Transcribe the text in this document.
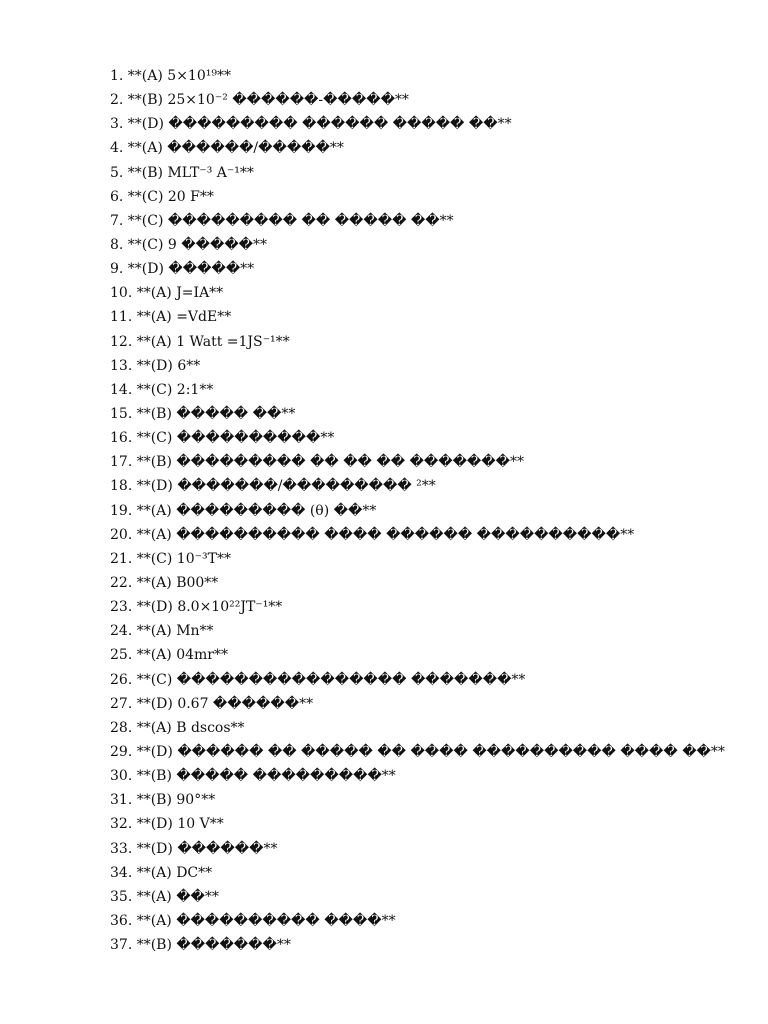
1. **(A) 5×10¹⁹**
2. **(B) 25×10⁻² ������-�����**
3. **(D) ��������� ������ ����� ��**
4. **(A) ������/�����**
5. **(B) MLT⁻³ A⁻¹**
6. **(C) 20 F**
7. **(C) ��������� �� ����� ��**
8. **(C) 9 �����**
9. **(D) �����**
10. **(A) J=IA**
11. **(A) =VdE**
12. **(A) 1 Watt =1JS⁻¹**
13. **(D) 6**
14. **(C) 2:1**
15. **(B) ����� ��**
16. **(C) ����������**
17. **(B) ��������� �� �� �� �������**
18. **(D) �������/��������� ²**
19. **(A) ��������� (θ) ��**
20. **(A) ���������� ���� ������ ����������**
21. **(C) 10⁻³T**
22. **(A) B00**
23. **(D) 8.0×10²²JT⁻¹**
24. **(A) Mn**
25. **(A) 04mr**
26. **(C) ���������������� �������**
27. **(D) 0.67 ������**
28. **(A) B dscos**
29. **(D) ������ �� ����� �� ���� ���������� ���� ��**
30. **(B) ����� ���������**
31. **(B) 90°**
32. **(D) 10 V**
33. **(D) ������**
34. **(A) DC**
35. **(A) ��**
36. **(A) ���������� ����**
37. **(B) �������**
